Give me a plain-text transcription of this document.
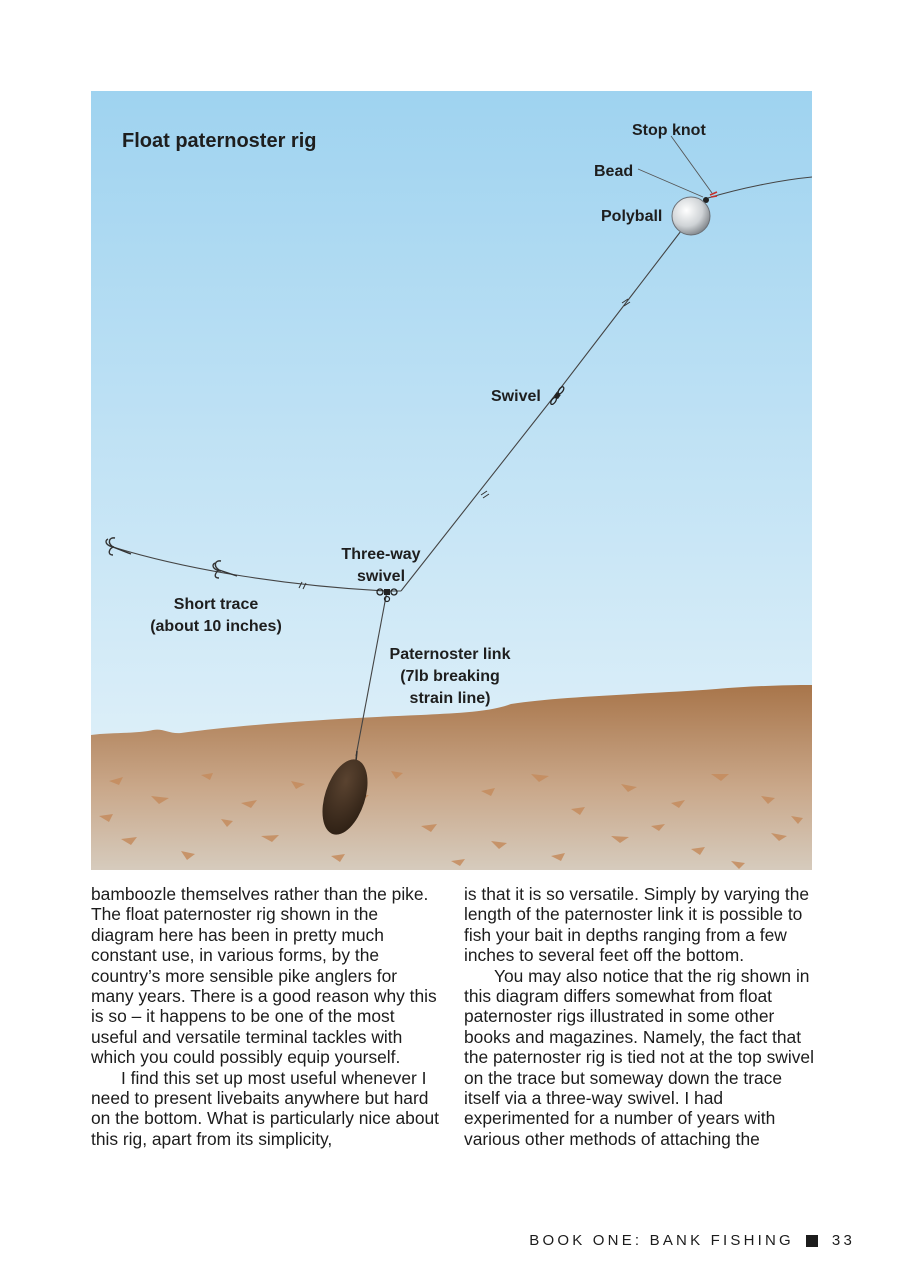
Float paternoster rig	Stop knot
Bead
Polyball
Swivel
Three-way
swivel
Short trace
(about 10 inches)
Paternoster link
(7lb breaking
strain line)

bamboozle themselves rather than the pike. The float paternoster rig shown in the diagram here has been in pretty much constant use, in various forms, by the country’s more sensible pike anglers for many years. There is a good reason why this is so – it happens to be one of the most useful and versatile terminal tackles with which you could possibly equip yourself.

I find this set up most useful whenever I need to present livebaits anywhere but hard on the bottom. What is particularly nice about this rig, apart from its simplicity,

is that it is so versatile. Simply by varying the length of the paternoster link it is possible to fish your bait in depths ranging from a few inches to several feet off the bottom.

You may also notice that the rig shown in this diagram differs somewhat from float paternoster rigs illustrated in some other books and magazines. Namely, the fact that the paternoster rig is tied not at the top swivel on the trace but someway down the trace itself via a three-way swivel. I had experimented for a number of years with various other methods of attaching the

BOOK ONE: BANK FISHING	33
